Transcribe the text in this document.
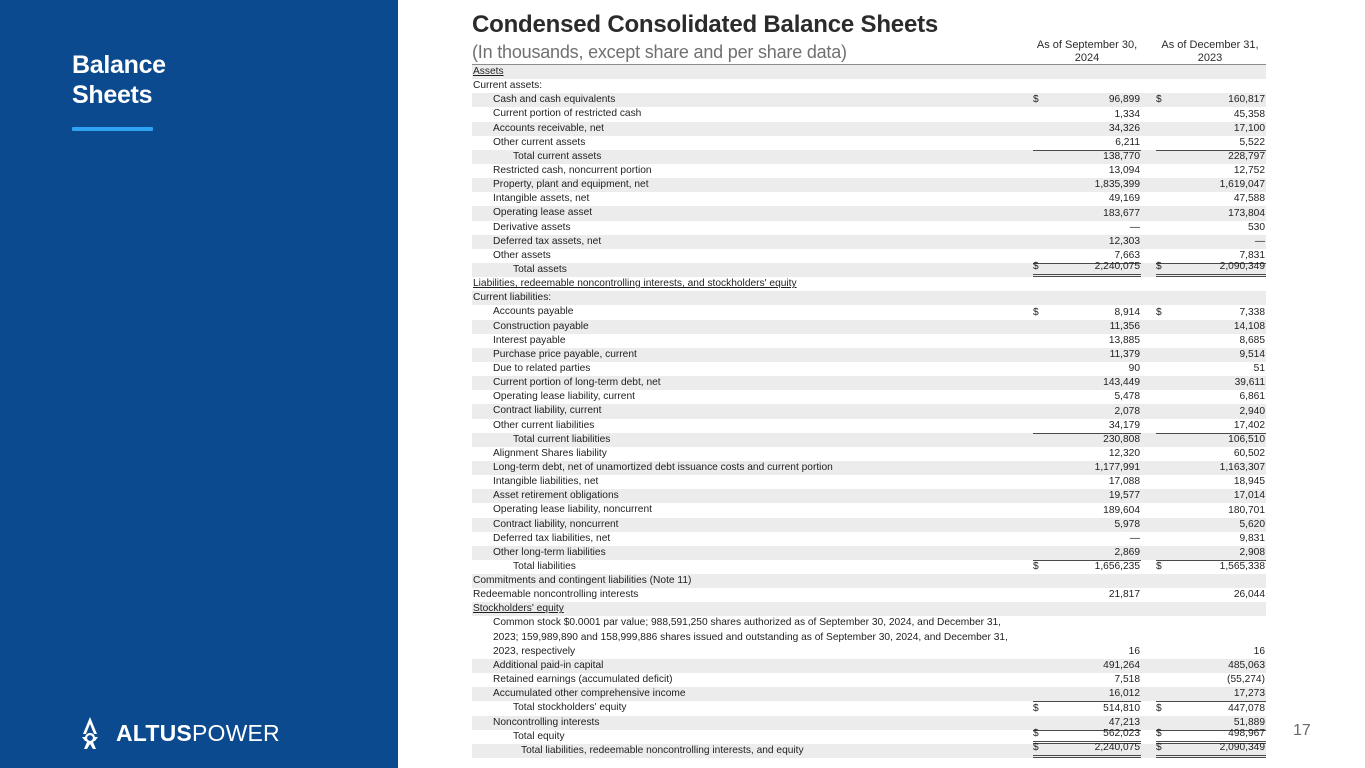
Balance
Sheets
ALTUSPOWER
Condensed Consolidated Balance Sheets
(In thousands, except share and per share data)	As of September 30,
2024
As of December 31,
2023
Assets
Current assets:
Cash and cash equivalents	$	96,899 $	160,817
Current portion of restricted cash	1,334	45,358
Accounts receivable, net	34,326	17,100
Other current assets	6,211	5,522
Total current assets	138,770	228,797
Restricted cash, noncurrent portion	13,094	12,752
Property, plant and equipment, net	1,835,399	1,619,047
Intangible assets, net	49,169	47,588
Operating lease asset	183,677	173,804
Derivative assets	—	530
Deferred tax assets, net	12,303	—
Other assets	7,663	7,831
Total assets	$	2,240,075 $	2,090,349
Liabilities, redeemable noncontrolling interests, and stockholders' equity
Current liabilities:
Accounts payable	$	8,914 $	7,338
Construction payable	11,356	14,108
Interest payable	13,885	8,685
Purchase price payable, current	11,379	9,514
Due to related parties	90	51
Current portion of long-term debt, net	143,449	39,611
Operating lease liability, current	5,478	6,861
Contract liability, current	2,078	2,940
Other current liabilities	34,179	17,402
Total current liabilities	230,808	106,510
Alignment Shares liability	12,320	60,502
Long-term debt, net of unamortized debt issuance costs and current portion	1,177,991	1,163,307
Intangible liabilities, net	17,088	18,945
Asset retirement obligations	19,577	17,014
Operating lease liability, noncurrent	189,604	180,701
Contract liability, noncurrent	5,978	5,620
Deferred tax liabilities, net	—	9,831
Other long-term liabilities	2,869	2,908
Total liabilities	$	1,656,235 $	1,565,338
Commitments and contingent liabilities (Note 11)
Redeemable noncontrolling interests	21,817	26,044
Stockholders' equity
Common stock $0.0001 par value; 988,591,250 shares authorized as of September 30, 2024, and December 31, 2023; 159,989,890 and 158,999,886 shares issued and outstanding as of September 30, 2024, and December 31, 2023, respectively	16	16
Additional paid-in capital	491,264	485,063
Retained earnings (accumulated deficit)	7,518	(55,274)
Accumulated other comprehensive income	16,012	17,273
Total stockholders' equity	$	514,810 $	447,078
Noncontrolling interests	47,213	51,889
Total equity	$	562,023 $	498,967
Total liabilities, redeemable noncontrolling interests, and equity	$	2,240,075 $	2,090,349
17
